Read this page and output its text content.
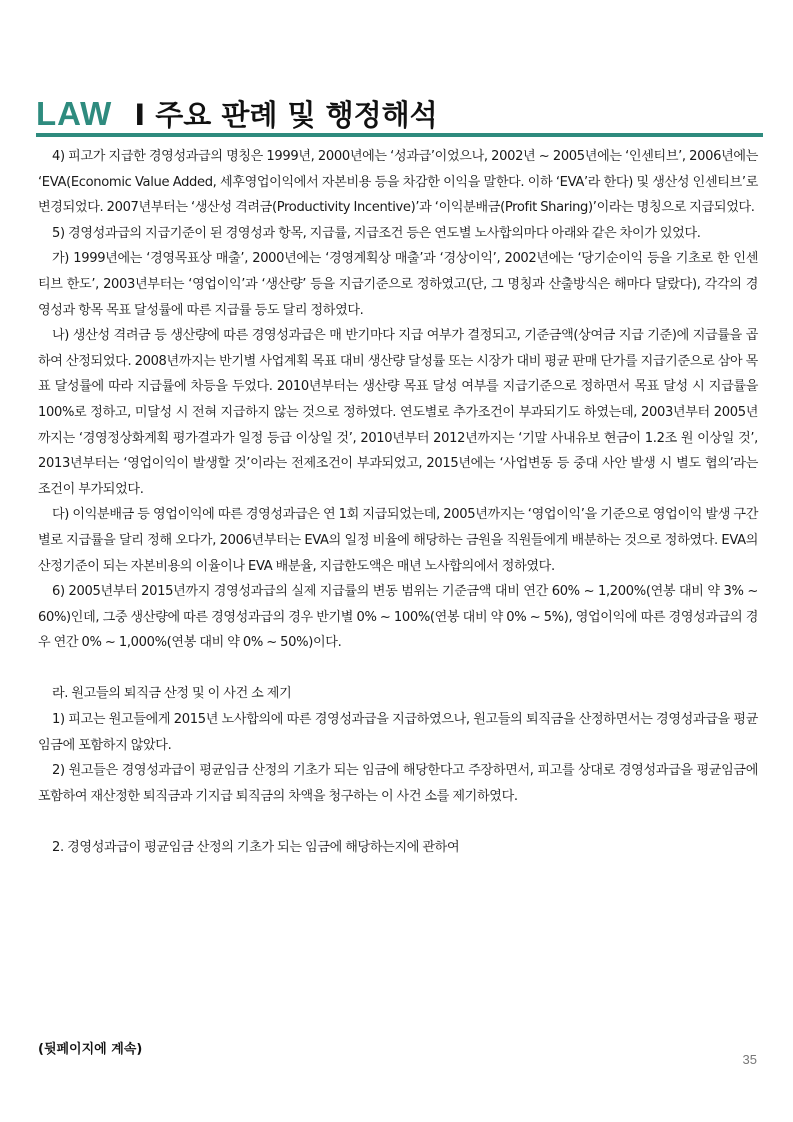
LAW I 주요 판례 및 행정해석

4) 피고가 지급한 경영성과급의 명칭은 1999년, 2000년에는 ‘성과급’이었으나, 2002년 ~ 2005년에는 ‘인센티브’, 2006년에는 ‘EVA(Economic Value Added, 세후영업이익에서 자본비용 등을 차감한 이익을 말한다. 이하 ‘EVA’라 한다) 및 생산성 인센티브’로 변경되었다. 2007년부터는 ‘생산성 격려금(Productivity Incentive)’과 ‘이익분배금(Profit Sharing)’이라는 명칭으로 지급되었다.

5) 경영성과급의 지급기준이 된 경영성과 항목, 지급률, 지급조건 등은 연도별 노사합의마다 아래와 같은 차이가 있었다.

가) 1999년에는 ‘경영목표상 매출’, 2000년에는 ‘경영계획상 매출’과 ‘경상이익’, 2002년에는 ‘당기순이익 등을 기초로 한 인센티브 한도’, 2003년부터는 ‘영업이익’과 ‘생산량’ 등을 지급기준으로 정하였고(단, 그 명칭과 산출방식은 해마다 달랐다), 각각의 경영성과 항목 목표 달성률에 따른 지급률 등도 달리 정하였다.

나) 생산성 격려금 등 생산량에 따른 경영성과급은 매 반기마다 지급 여부가 결정되고, 기준금액(상여금 지급 기준)에 지급률을 곱하여 산정되었다. 2008년까지는 반기별 사업계획 목표 대비 생산량 달성률 또는 시장가 대비 평균 판매 단가를 지급기준으로 삼아 목표 달성률에 따라 지급률에 차등을 두었다. 2010년부터는 생산량 목표 달성 여부를 지급기준으로 정하면서 목표 달성 시 지급률을 100%로 정하고, 미달성 시 전혀 지급하지 않는 것으로 정하였다. 연도별로 추가조건이 부과되기도 하였는데, 2003년부터 2005년까지는 ‘경영정상화계획 평가결과가 일정 등급 이상일 것’, 2010년부터 2012년까지는 ‘기말 사내유보 현금이 1.2조 원 이상일 것’, 2013년부터는 ‘영업이익이 발생할 것’이라는 전제조건이 부과되었고, 2015년에는 ‘사업변동 등 중대 사안 발생 시 별도 협의’라는 조건이 부가되었다.

다) 이익분배금 등 영업이익에 따른 경영성과급은 연 1회 지급되었는데, 2005년까지는 ‘영업이익’을 기준으로 영업이익 발생 구간별로 지급률을 달리 정해 오다가, 2006년부터는 EVA의 일정 비율에 해당하는 금원을 직원들에게 배분하는 것으로 정하였다. EVA의 산정기준이 되는 자본비용의 이율이나 EVA 배분율, 지급한도액은 매년 노사합의에서 정하였다.

6) 2005년부터 2015년까지 경영성과급의 실제 지급률의 변동 범위는 기준금액 대비 연간 60% ~ 1,200%(연봉 대비 약 3% ~ 60%)인데, 그중 생산량에 따른 경영성과급의 경우 반기별 0% ~ 100%(연봉 대비 약 0% ~ 5%), 영업이익에 따른 경영성과급의 경우 연간 0% ~ 1,000%(연봉 대비 약 0% ~ 50%)이다.

라. 원고들의 퇴직금 산정 및 이 사건 소 제기

1) 피고는 원고들에게 2015년 노사합의에 따른 경영성과급을 지급하였으나, 원고들의 퇴직금을 산정하면서는 경영성과급을 평균임금에 포함하지 않았다.

2) 원고들은 경영성과급이 평균임금 산정의 기초가 되는 임금에 해당한다고 주장하면서, 피고를 상대로 경영성과급을 평균임금에 포함하여 재산정한 퇴직금과 기지급 퇴직금의 차액을 청구하는 이 사건 소를 제기하였다.

2. 경영성과급이 평균임금 산정의 기초가 되는 임금에 해당하는지에 관하여

(뒷페이지에 계속)
35
